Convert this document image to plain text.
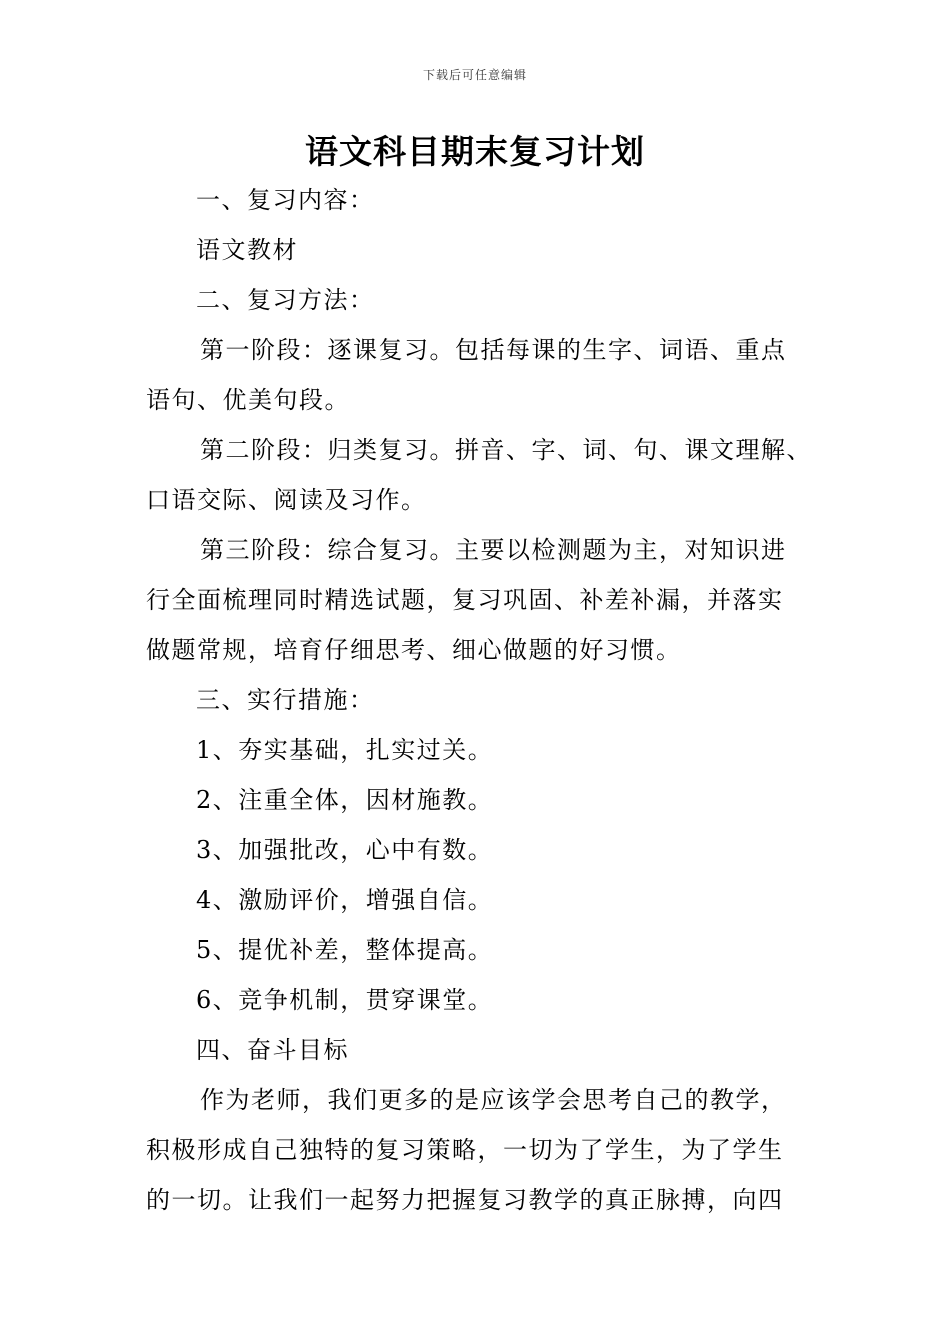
下载后可任意编辑
语文科目期末复习计划
一、复习内容：
语文教材
二、复习方法：
第一阶段：逐课复习。包括每课的生字、词语、重点
语句、优美句段。
第二阶段：归类复习。拼音、字、词、句、课文理解、
口语交际、阅读及习作。
第三阶段：综合复习。主要以检测题为主，对知识进
行全面梳理同时精选试题，复习巩固、补差补漏，并落实
做题常规，培育仔细思考、细心做题的好习惯。
三、实行措施：
1、夯实基础，扎实过关。
2、注重全体，因材施教。
3、加强批改，心中有数。
4、激励评价，增强自信。
5、提优补差，整体提高。
6、竞争机制，贯穿课堂。
四、奋斗目标
作为老师，我们更多的是应该学会思考自己的教学，
积极形成自己独特的复习策略，一切为了学生，为了学生
的一切。让我们一起努力把握复习教学的真正脉搏，向四
